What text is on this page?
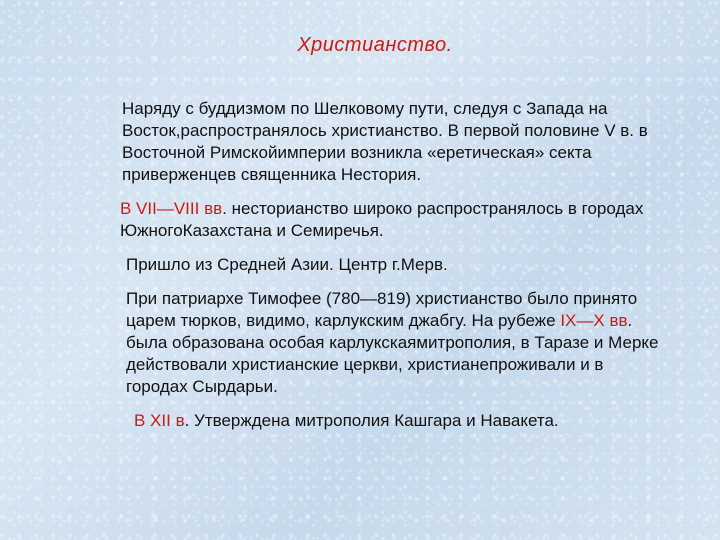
Христианство.

Наряду с буддизмом по Шелковому пути, следуя с Запада на Восток,распространялось христианство. В первой половине V в. в Восточной Римскойимперии возникла «еретическая» секта приверженцев священника Нестория.

В VII—VIII вв. несторианство широко распространялось в городах ЮжногоКазахстана и Семиречья.

Пришло из Средней Азии. Центр г.Мерв.

При патриархе Тимофее (780—819) христианство было принято царем тюрков, видимо, карлукским джабгу. На рубеже IX—X вв. была образована особая карлукскаямитрополия, в Таразе и Мерке действовали христианские церкви, христианепроживали и в городах Сырдарьи.

В XII в. Утверждена митрополия Кашгара и Навакета.
